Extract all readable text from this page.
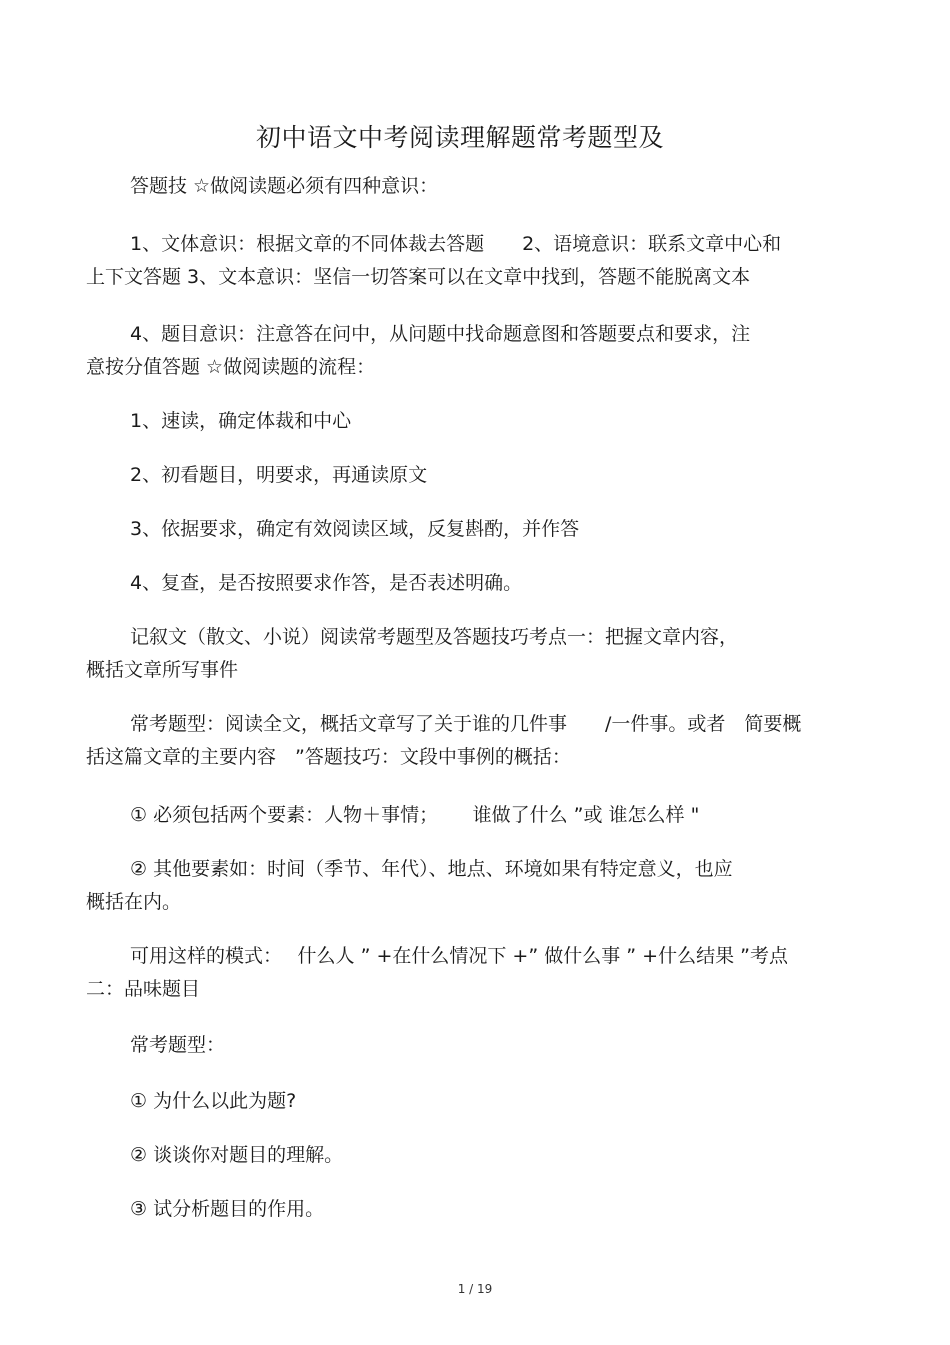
初中语文中考阅读理解题常考题型及
答题技 ☆做阅读题必须有四种意识：
1、文体意识：根据文章的不同体裁去答题　　2、语境意识：联系文章中心和
上下文答题 3、文本意识：坚信一切答案可以在文章中找到，答题不能脱离文本
4、题目意识：注意答在问中，从问题中找命题意图和答题要点和要求，注
意按分值答题 ☆做阅读题的流程：
1、速读，确定体裁和中心
2、初看题目，明要求，再通读原文
3、依据要求，确定有效阅读区域，反复斟酌，并作答
4、复查，是否按照要求作答，是否表述明确。
记叙文（散文、小说）阅读常考题型及答题技巧考点一：把握文章内容，
概括文章所写事件
常考题型：阅读全文，概括文章写了关于谁的几件事　　/一件事。或者　简要概
括这篇文章的主要内容　”答题技巧：文段中事例的概括：
① 必须包括两个要素：人物＋事情；　　 谁做了什么 ”或 谁怎么样 "
② 其他要素如：时间（季节、年代）、地点、环境如果有特定意义，也应
概括在内。
可用这样的模式：　 什么人 ” +在什么情况下 +” 做什么事 ” +什么结果 ”考点
二：品味题目
常考题型：
① 为什么以此为题?
② 谈谈你对题目的理解。
③ 试分析题目的作用。
1 / 19
